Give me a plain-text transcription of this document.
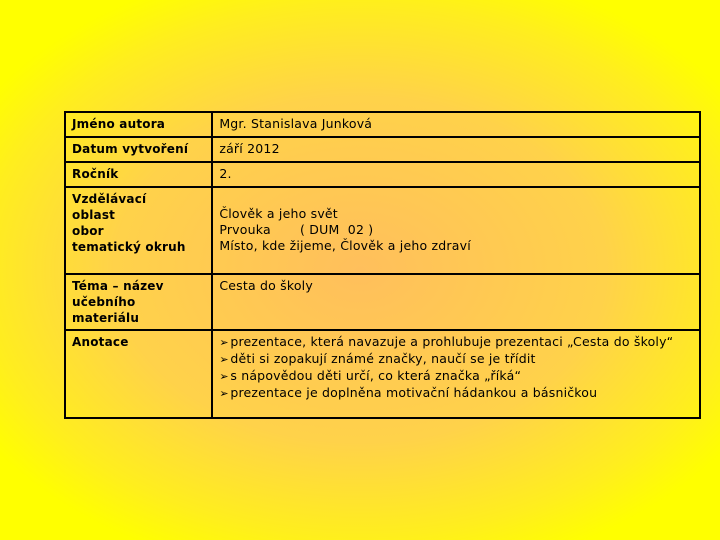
Jméno autora	Mgr. Stanislava Junková

Datum vytvoření	září 2012

Ročník	2.

Vzdělávací
oblast
obor
tematický okruh	Člověk a jeho svět
Prvouka       ( DUM  02 )
Místo, kde žijeme, Člověk a jeho zdraví

Téma – název
učebního materiálu	Cesta do školy

Anotace	➢ prezentace, která navazuje a prohlubuje prezentaci „Cesta do školy“
➢ děti si zopakují známé značky, naučí se je třídit
➢ s nápovědou děti určí, co která značka „říká“
➢ prezentace je doplněna motivační hádankou a básničkou
